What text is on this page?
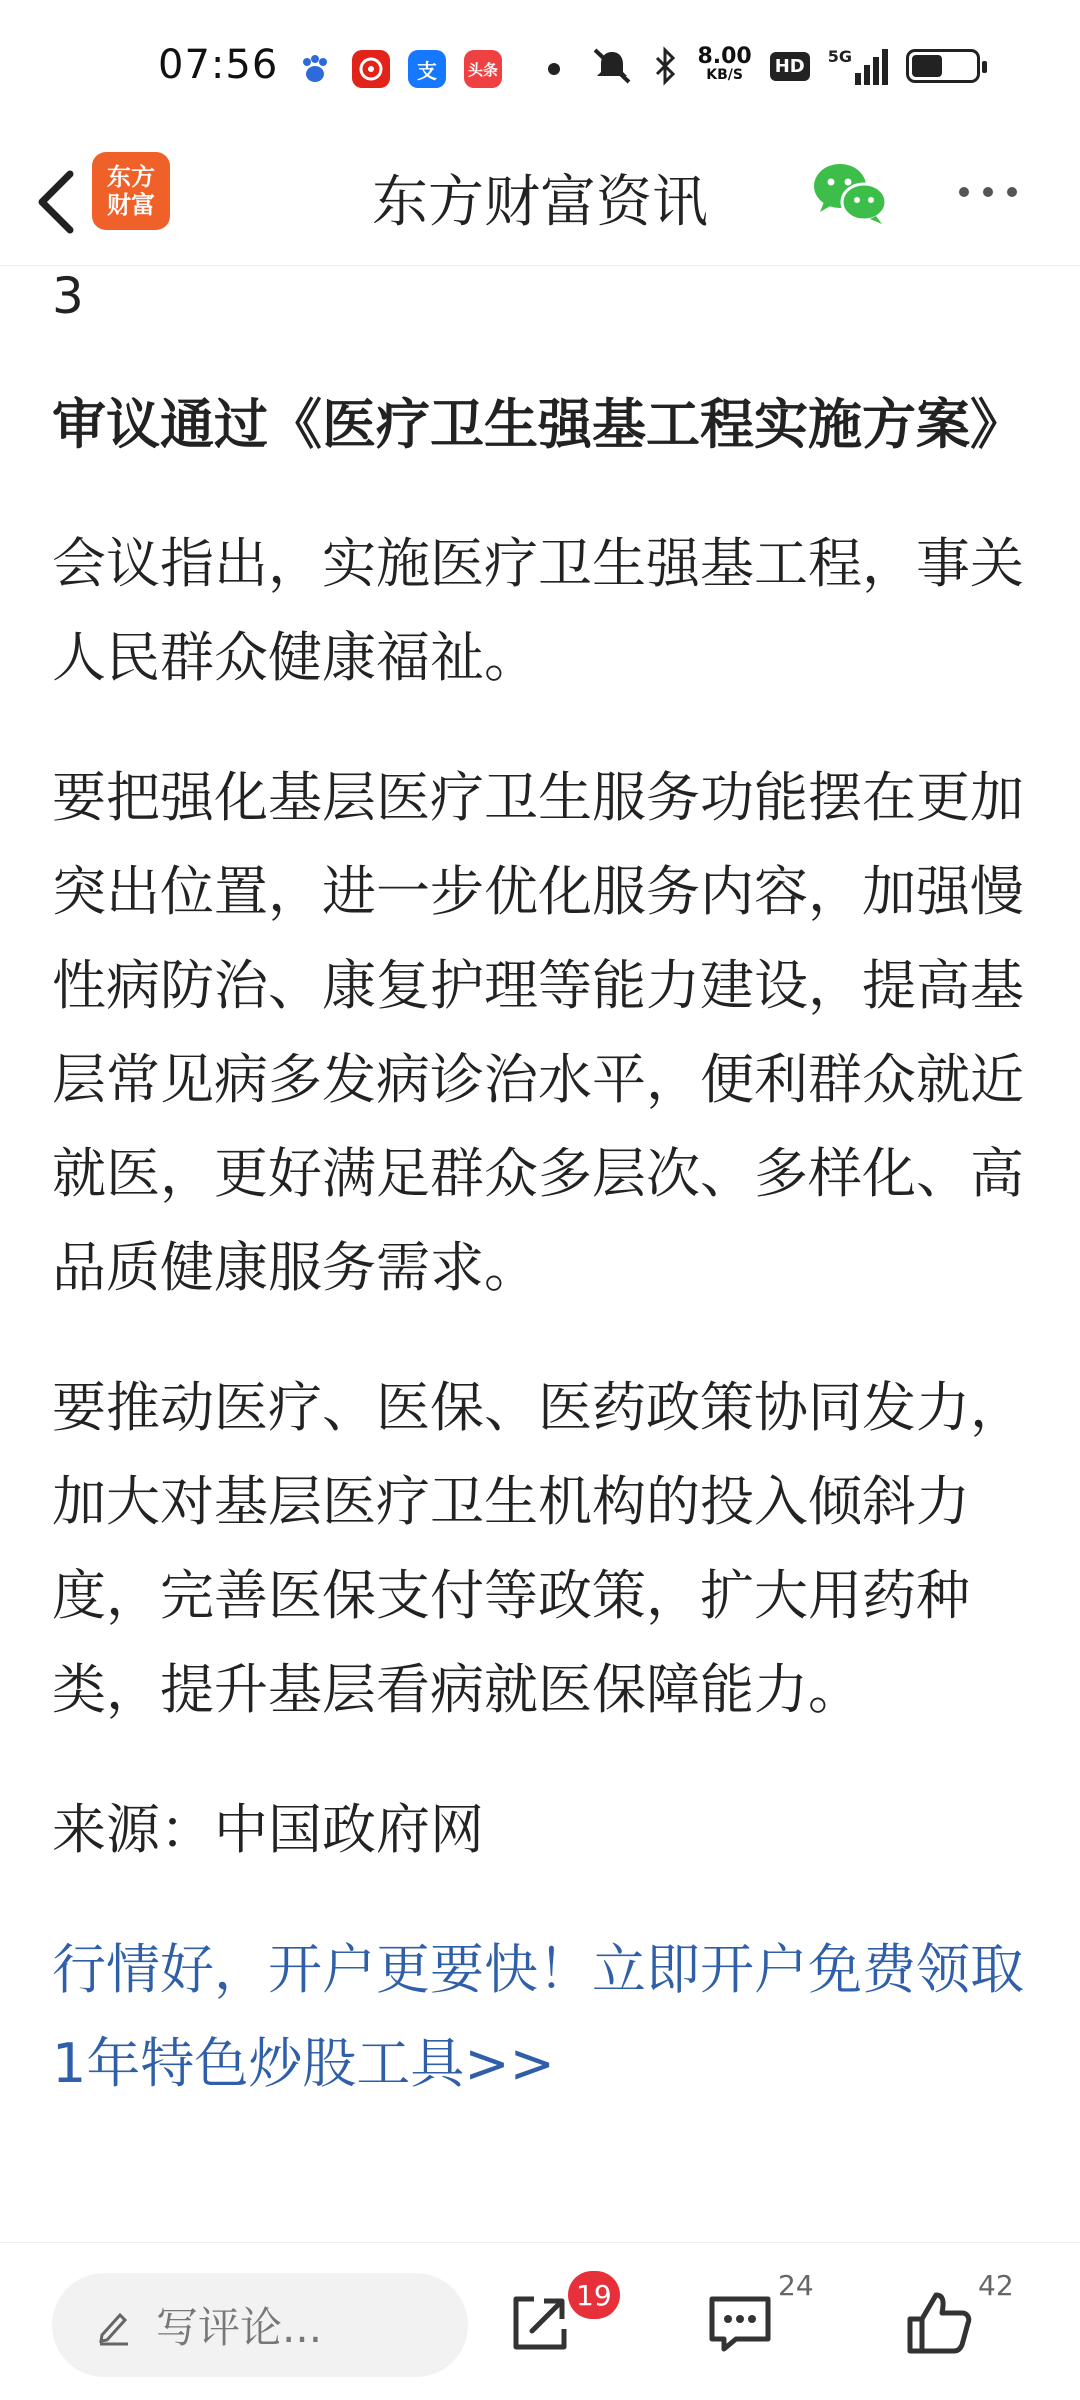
07:56	支 头条
8.00
KB/S	HD	5G
东方
财富	东方财富资讯
3
审议通过《医疗卫生强基工程实施方案》
会议指出，实施医疗卫生强基工程，事关人民群众健康福祉。
要把强化基层医疗卫生服务功能摆在更加突出位置，进一步优化服务内容，加强慢性病防治、康复护理等能力建设，提高基层常见病多发病诊治水平，便利群众就近就医，更好满足群众多层次、多样化、高品质健康服务需求。
要推动医疗、医保、医药政策协同发力，加大对基层医疗卫生机构的投入倾斜力度，完善医保支付等政策，扩大用药种类，提升基层看病就医保障能力。
来源：中国政府网
行情好，开户更要快！立即开户免费领取1年特色炒股工具>>
写评论...
19	24	42
